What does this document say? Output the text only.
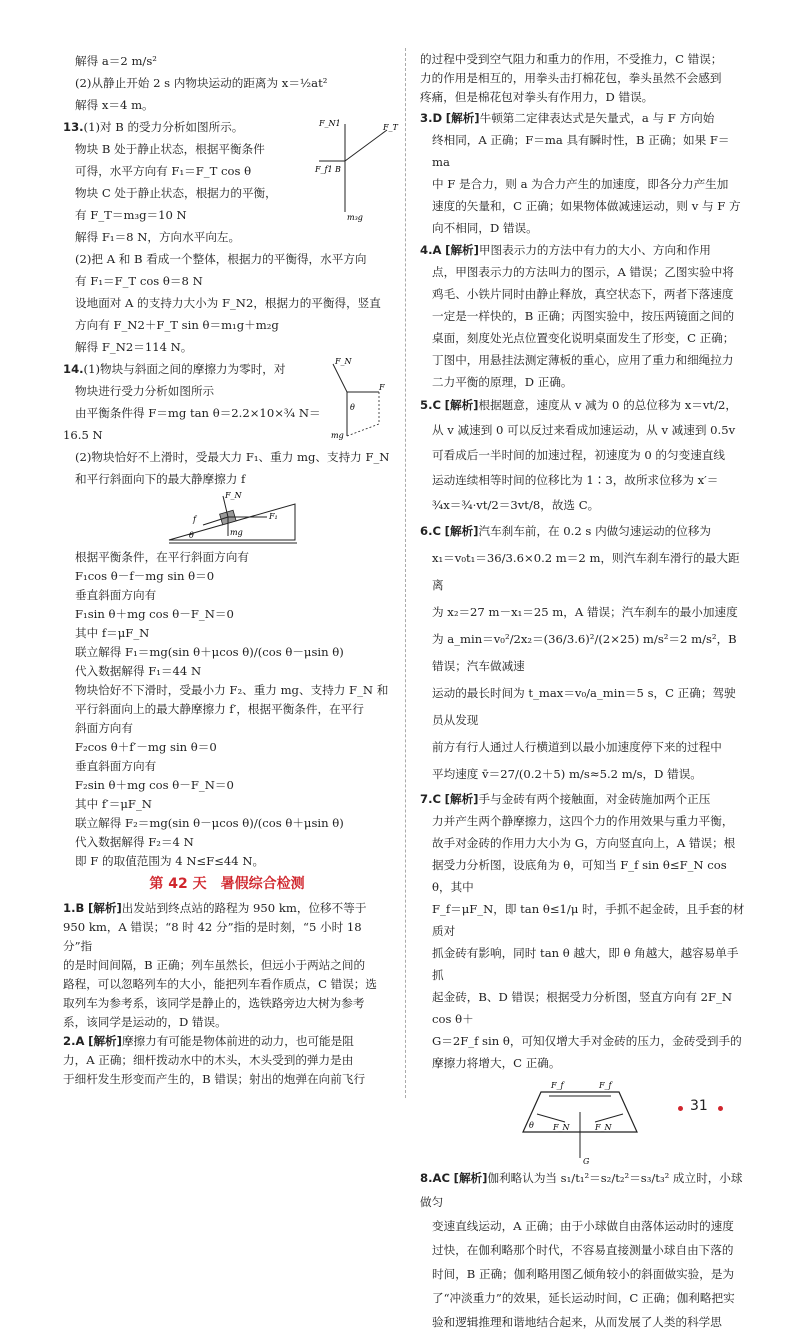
解得 a＝2 m/s²

(2)从静止开始 2 s 内物块运动的距离为 x＝½at²

解得 x＝4 m。

13.(1)对 B 的受力分析如图所示。

物块 B 处于静止状态，根据平衡条件

可得，水平方向有 F₁＝F_T cos θ

物块 C 处于静止状态，根据力的平衡，

有 F_T＝m₃g＝10 N

F_N1	F_T
F_f1 B
m₃g

解得 F₁＝8 N，方向水平向左。

(2)把 A 和 B 看成一个整体，根据力的平衡得，水平方向

有 F₁＝F_T cos θ＝8 N

设地面对 A 的支持力大小为 F_N2，根据力的平衡得，竖直

方向有 F_N2＋F_T sin θ＝m₁g＋m₂g

解得 F_N2＝114 N。

14.(1)物块与斜面之间的摩擦力为零时，对

物块进行受力分析如图所示

由平衡条件得 F＝mg tan θ＝2.2×10×¾ N＝

16.5 N

F_N
F
θ
mg

(2)物块恰好不上滑时，受最大力 F₁、重力 mg、支持力 F_N

和平行斜面向下的最大静摩擦力 f

F_N
F₁
f
mg
θ

根据平衡条件，在平行斜面方向有

F₁cos θ－f－mg sin θ＝0

垂直斜面方向有

F₁sin θ＋mg cos θ－F_N＝0

其中 f＝μF_N

联立解得 F₁＝mg(sin θ＋μcos θ)/(cos θ－μsin θ)

代入数据解得 F₁＝44 N

物块恰好不下滑时，受最小力 F₂、重力 mg、支持力 F_N 和

平行斜面向上的最大静摩擦力 f′，根据平衡条件，在平行

斜面方向有

F₂cos θ＋f′－mg sin θ＝0

垂直斜面方向有

F₂sin θ＋mg cos θ－F_N＝0

其中 f′＝μF_N

联立解得 F₂＝mg(sin θ－μcos θ)/(cos θ＋μsin θ)

代入数据解得 F₂＝4 N

即 F 的取值范围为 4 N≤F≤44 N。

第 42 天　暑假综合检测

1.B [解析]出发站到终点站的路程为 950 km，位移不等于

950 km，A 错误；“8 时 42 分”指的是时刻，“5 小时 18 分”指

的是时间间隔，B 正确；列车虽然长，但远小于两站之间的

路程，可以忽略列车的大小，能把列车看作质点，C 错误；选

取列车为参考系，该同学是静止的，选铁路旁边大树为参考

系，该同学是运动的，D 错误。

2.A [解析]摩擦力有可能是物体前进的动力，也可能是阻

力，A 正确；细杆拨动水中的木头，木头受到的弹力是由

于细杆发生形变而产生的，B 错误；射出的炮弹在向前飞行

的过程中受到空气阻力和重力的作用，不受推力，C 错误；

力的作用是相互的，用拳头击打棉花包，拳头虽然不会感到

疼痛，但是棉花包对拳头有作用力，D 错误。

3.D [解析]牛顿第二定律表达式是矢量式，a 与 F 方向始

终相同，A 正确；F＝ma 具有瞬时性，B 正确；如果 F＝ma

中 F 是合力，则 a 为合力产生的加速度，即各分力产生加

速度的矢量和，C 正确；如果物体做减速运动，则 v 与 F 方

向不相同，D 错误。

4.A [解析]甲图表示力的方法中有力的大小、方向和作用

点，甲图表示力的方法叫力的图示，A 错误；乙图实验中将

鸡毛、小铁片同时由静止释放，真空状态下，两者下落速度

一定是一样快的，B 正确；丙图实验中，按压两镜面之间的

桌面，刻度处光点位置变化说明桌面发生了形变，C 正确；

丁图中，用悬挂法测定薄板的重心，应用了重力和细绳拉力

二力平衡的原理，D 正确。

5.C [解析]根据题意，速度从 v 减为 0 的总位移为 x＝vt/2，

从 v 减速到 0 可以反过来看成加速运动，从 v 减速到 0.5v

可看成后一半时间的加速过程，初速度为 0 的匀变速直线

运动连续相等时间的位移比为 1∶3，故所求位移为 x′＝

¾x＝¾·vt/2＝3vt/8，故选 C。

6.C [解析]汽车刹车前，在 0.2 s 内做匀速运动的位移为

x₁＝v₀t₁＝36/3.6×0.2 m＝2 m，则汽车刹车滑行的最大距离

为 x₂＝27 m－x₁＝25 m，A 错误；汽车刹车的最小加速度

为 a_min＝v₀²/2x₂＝(36/3.6)²/(2×25) m/s²＝2 m/s²，B 错误；汽车做减速

运动的最长时间为 t_max＝v₀/a_min＝5 s，C 正确；驾驶员从发现

前方有行人通过人行横道到以最小加速度停下来的过程中

平均速度 v̄＝27/(0.2＋5) m/s≈5.2 m/s，D 错误。

7.C [解析]手与金砖有两个接触面，对金砖施加两个正压

力并产生两个静摩擦力，这四个力的作用效果与重力平衡，

故手对金砖的作用力大小为 G，方向竖直向上，A 错误；根

据受力分析图，设底角为 θ，可知当 F_f sin θ≤F_N cos θ，其中

F_f＝μF_N，即 tan θ≤1/μ 时，手抓不起金砖，且手套的材质对

抓金砖有影响，同时 tan θ 越大，即 θ 角越大，越容易单手抓

起金砖，B、D 错误；根据受力分析图，竖直方向有 2F_N cos θ＋

G＝2F_f sin θ，可知仅增大手对金砖的压力，金砖受到手的

摩擦力将增大，C 正确。

F_f	F_f
F_N	F_N
θ
G

8.AC [解析]伽利略认为当 s₁/t₁²＝s₂/t₂²＝s₃/t₃² 成立时，小球做匀

变速直线运动，A 正确；由于小球做自由落体运动时的速度

过快，在伽利略那个时代，不容易直接测量小球自由下落的

时间，B 正确；伽利略用图乙倾角较小的斜面做实验，是为

了“冲淡重力”的效果，延长运动时间，C 正确；伽利略把实

验和逻辑推理和谐地结合起来，从而发展了人类的科学思

31
